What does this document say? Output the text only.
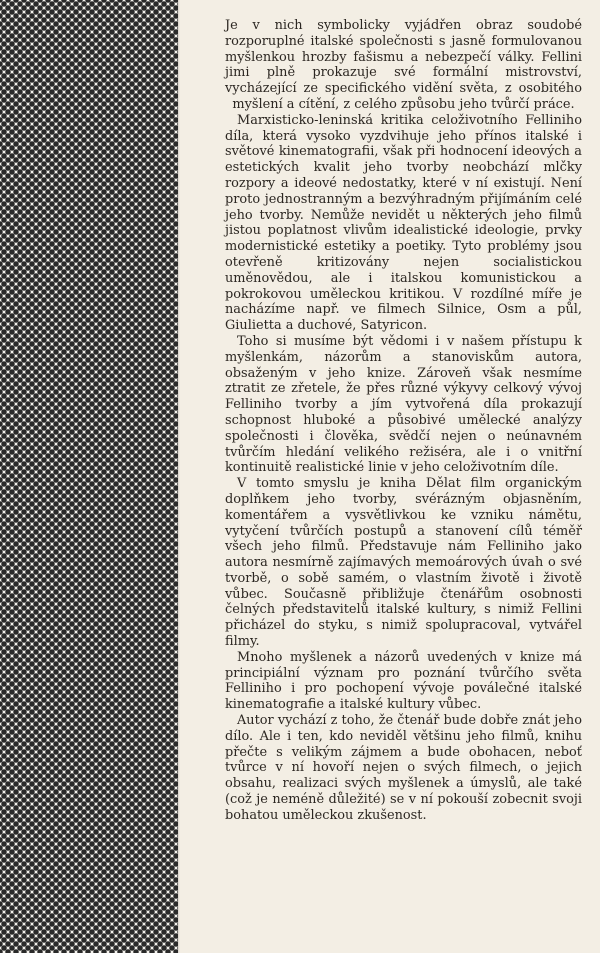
Je v nich symbolicky vyjádřen obraz soudobé rozporuplné italské společnosti s jasně formulovanou myšlenkou hrozby fašismu a nebezpečí války. Fellini jimi plně prokazuje své formální mistrovství, vycházející ze specifického vidění světa, z osobitého myšlení a cítění, z celého způsobu jeho tvůrčí práce.

Marxisticko-leninská kritika celoživotního Felliniho díla, která vysoko vyzdvihuje jeho přínos italské i světové kinematografii, však při hodnocení ideových a estetických kvalit jeho tvorby neobchází mlčky rozpory a ideové nedostatky, které v ní existují. Není proto jednostranným a bezvýhradným přijímáním celé jeho tvorby. Nemůže nevidět u některých jeho filmů jistou poplatnost vlivům idealistické ideologie, prvky modernistické estetiky a poetiky. Tyto problémy jsou otevřeně kritizovány nejen socialistickou uměnovědou, ale i italskou komunistickou a pokrokovou uměleckou kritikou. V rozdílné míře je nacházíme např. ve filmech Silnice, Osm a půl, Giulietta a duchové, Satyricon.

Toho si musíme být vědomi i v našem přístupu k myšlenkám, názorům a stanoviskům autora, obsaženým v jeho knize. Zároveň však nesmíme ztratit ze zřetele, že přes různé výkyvy celkový vývoj Felliniho tvorby a jím vytvořená díla prokazují schopnost hluboké a působivé umělecké analýzy společnosti i člověka, svědčí nejen o neúnavném tvůrčím hledání velikého režiséra, ale i o vnitřní kontinuitě realistické linie v jeho celoživotním díle.

V tomto smyslu je kniha Dělat film organickým doplňkem jeho tvorby, svérázným objasněním, komentářem a vysvětlivkou ke vzniku námětu, vytyčení tvůrčích postupů a stanovení cílů téměř všech jeho filmů. Představuje nám Felliniho jako autora nesmírně zajímavých memoárových úvah o své tvorbě, o sobě samém, o vlastním životě i životě vůbec. Současně přibližuje čtenářům osobnosti čelných představitelů italské kultury, s nimiž Fellini přicházel do styku, s nimiž spolupracoval, vytvářel filmy.

Mnoho myšlenek a názorů uvedených v knize má principiální význam pro poznání tvůrčího světa Felliniho i pro pochopení vývoje poválečné italské kinematografie a italské kultury vůbec.

Autor vychází z toho, že čtenář bude dobře znát jeho dílo. Ale i ten, kdo neviděl většinu jeho filmů, knihu přečte s velikým zájmem a bude obohacen, neboť tvůrce v ní hovoří nejen o svých filmech, o jejich obsahu, realizaci svých myšlenek a úmyslů, ale také (což je neméně důležité) se v ní pokouší zobecnit svoji bohatou uměleckou zkušenost.
